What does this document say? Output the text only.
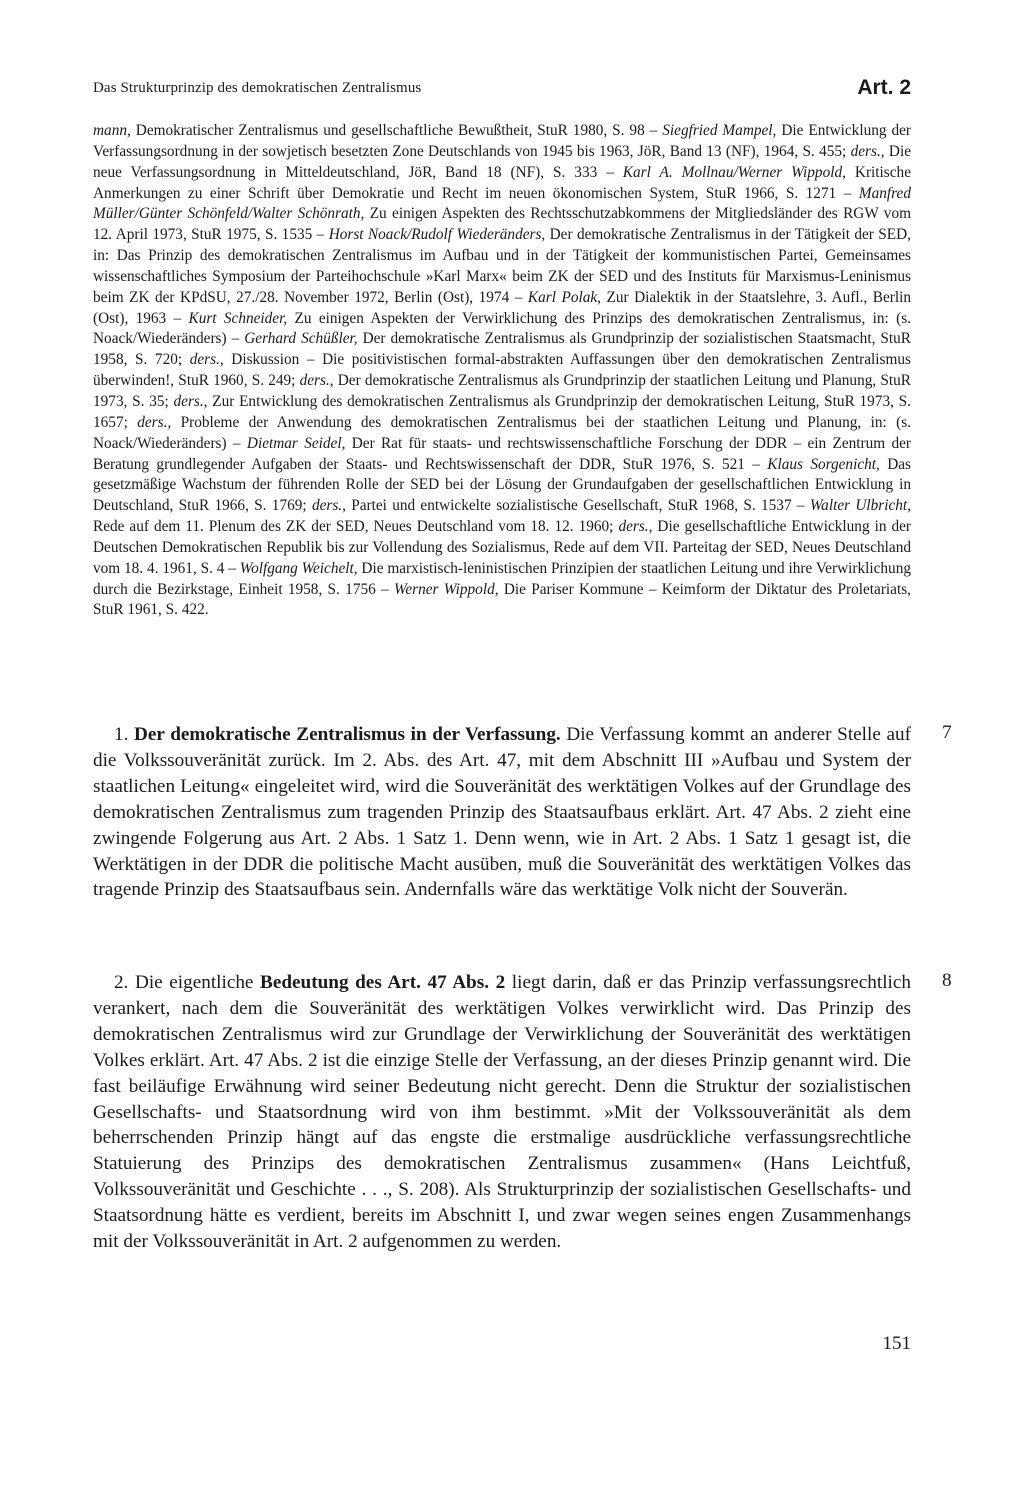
Das Strukturprinzip des demokratischen Zentralismus	Art. 2
mann, Demokratischer Zentralismus und gesellschaftliche Bewußtheit, StuR 1980, S. 98 – Siegfried Mampel, Die Entwicklung der Verfassungsordnung in der sowjetisch besetzten Zone Deutschlands von 1945 bis 1963, JöR, Band 13 (NF), 1964, S. 455; ders., Die neue Verfassungsordnung in Mitteldeutschland, JöR, Band 18 (NF), S. 333 – Karl A. Mollnau/Werner Wippold, Kritische Anmerkungen zu einer Schrift über Demokratie und Recht im neuen ökonomischen System, StuR 1966, S. 1271 – Manfred Müller/Günter Schönfeld/Walter Schönrath, Zu einigen Aspekten des Rechtsschutzabkommens der Mitgliedsländer des RGW vom 12. April 1973, StuR 1975, S. 1535 – Horst Noack/Rudolf Wiederänders, Der demokratische Zentralismus in der Tätigkeit der SED, in: Das Prinzip des demokratischen Zentralismus im Aufbau und in der Tätigkeit der kommunistischen Partei, Gemeinsames wissenschaftliches Symposium der Parteihochschule »Karl Marx« beim ZK der SED und des Instituts für Marxismus-Leninismus beim ZK der KPdSU, 27./28. November 1972, Berlin (Ost), 1974 – Karl Polak, Zur Dialektik in der Staatslehre, 3. Aufl., Berlin (Ost), 1963 – Kurt Schneider, Zu einigen Aspekten der Verwirklichung des Prinzips des demokratischen Zentralismus, in: (s. Noack/Wiederänders) – Gerhard Schüßler, Der demokratische Zentralismus als Grundprinzip der sozialistischen Staatsmacht, StuR 1958, S. 720; ders., Diskussion – Die positivistischen formal-abstrakten Auffassungen über den demokratischen Zentralismus überwinden!, StuR 1960, S. 249; ders., Der demokratische Zentralismus als Grundprinzip der staatlichen Leitung und Planung, StuR 1973, S. 35; ders., Zur Entwicklung des demokratischen Zentralismus als Grundprinzip der demokratischen Leitung, StuR 1973, S. 1657; ders., Probleme der Anwendung des demokratischen Zentralismus bei der staatlichen Leitung und Planung, in: (s. Noack/Wiederänders) – Dietmar Seidel, Der Rat für staats- und rechtswissenschaftliche Forschung der DDR – ein Zentrum der Beratung grundlegender Aufgaben der Staats- und Rechtswissenschaft der DDR, StuR 1976, S. 521 – Klaus Sorgenicht, Das gesetzmäßige Wachstum der führenden Rolle der SED bei der Lösung der Grundaufgaben der gesellschaftlichen Entwicklung in Deutschland, StuR 1966, S. 1769; ders., Partei und entwickelte sozialistische Gesellschaft, StuR 1968, S. 1537 – Walter Ulbricht, Rede auf dem 11. Plenum des ZK der SED, Neues Deutschland vom 18. 12. 1960; ders., Die gesellschaftliche Entwicklung in der Deutschen Demokratischen Republik bis zur Vollendung des Sozialismus, Rede auf dem VII. Parteitag der SED, Neues Deutschland vom 18. 4. 1961, S. 4 – Wolfgang Weichelt, Die marxistisch-leninistischen Prinzipien der staatlichen Leitung und ihre Verwirklichung durch die Bezirkstage, Einheit 1958, S. 1756 – Werner Wippold, Die Pariser Kommune – Keimform der Diktatur des Proletariats, StuR 1961, S. 422.

1. Der demokratische Zentralismus in der Verfassung. Die Verfassung kommt an anderer Stelle auf die Volkssouveränität zurück. Im 2. Abs. des Art. 47, mit dem Abschnitt III »Aufbau und System der staatlichen Leitung« eingeleitet wird, wird die Souveränität des werktätigen Volkes auf der Grundlage des demokratischen Zentralismus zum tragenden Prinzip des Staatsaufbaus erklärt. Art. 47 Abs. 2 zieht eine zwingende Folgerung aus Art. 2 Abs. 1 Satz 1. Denn wenn, wie in Art. 2 Abs. 1 Satz 1 gesagt ist, die Werktätigen in der DDR die politische Macht ausüben, muß die Souveränität des werktätigen Volkes das tragende Prinzip des Staatsaufbaus sein. Andernfalls wäre das werktätige Volk nicht der Souverän.

7

2. Die eigentliche Bedeutung des Art. 47 Abs. 2 liegt darin, daß er das Prinzip verfassungsrechtlich verankert, nach dem die Souveränität des werktätigen Volkes verwirklicht wird. Das Prinzip des demokratischen Zentralismus wird zur Grundlage der Verwirklichung der Souveränität des werktätigen Volkes erklärt. Art. 47 Abs. 2 ist die einzige Stelle der Verfassung, an der dieses Prinzip genannt wird. Die fast beiläufige Erwähnung wird seiner Bedeutung nicht gerecht. Denn die Struktur der sozialistischen Gesellschafts- und Staatsordnung wird von ihm bestimmt. »Mit der Volkssouveränität als dem beherrschenden Prinzip hängt auf das engste die erstmalige ausdrückliche verfassungsrechtliche Statuierung des Prinzips des demokratischen Zentralismus zusammen« (Hans Leichtfuß, Volkssouveränität und Geschichte . . ., S. 208). Als Strukturprinzip der sozialistischen Gesellschafts- und Staatsordnung hätte es verdient, bereits im Abschnitt I, und zwar wegen seines engen Zusammenhangs mit der Volkssouveränität in Art. 2 aufgenommen zu werden.

8
151
